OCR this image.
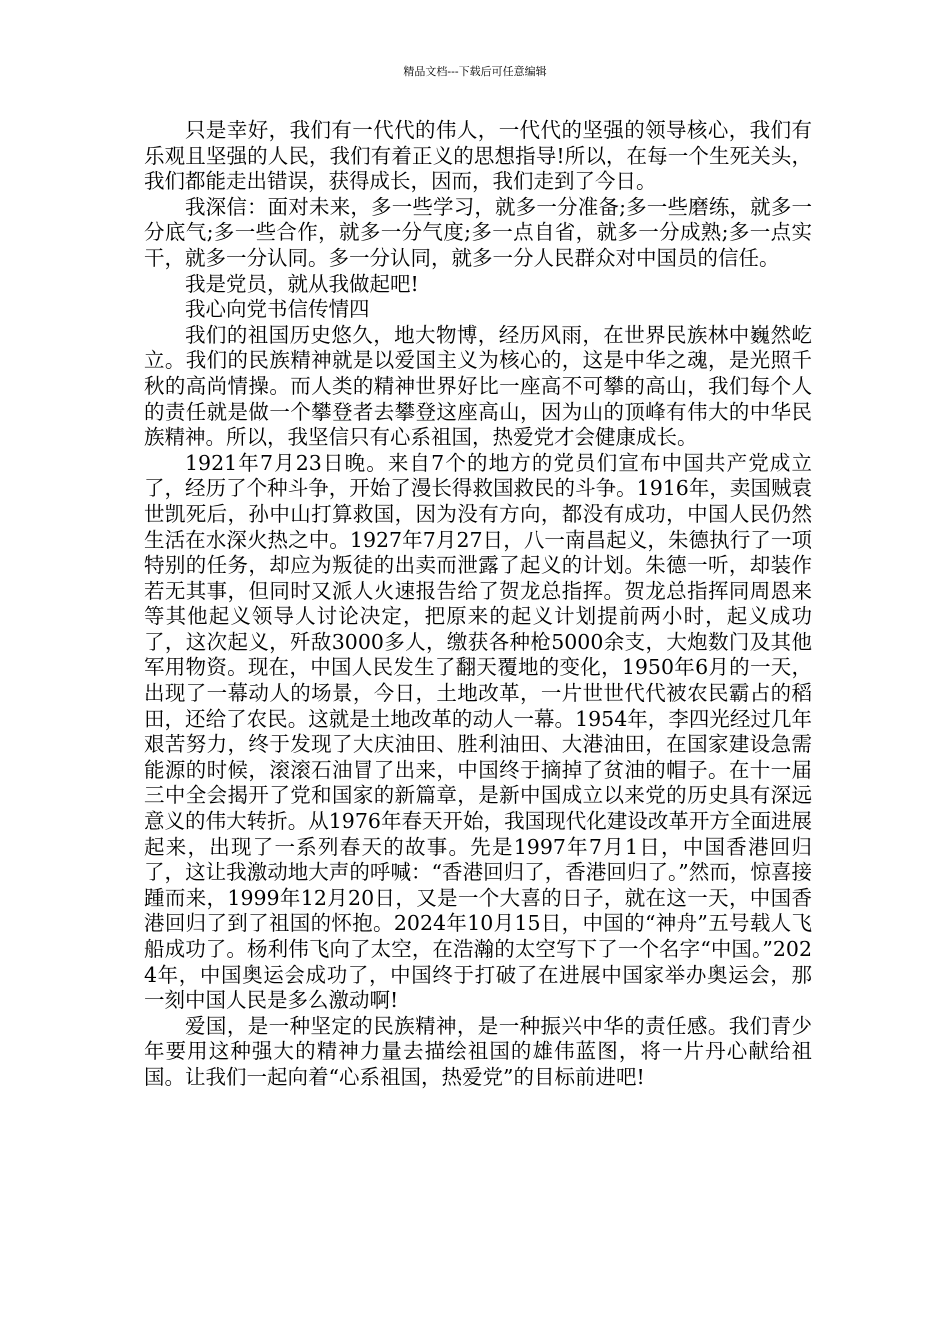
精品文档---下载后可任意编辑

只是幸好，我们有一代代的伟人，一代代的坚强的领导核心，我们有乐观且坚强的人民，我们有着正义的思想指导!所以，在每一个生死关头，我们都能走出错误，获得成长，因而，我们走到了今日。

我深信：面对未来，多一些学习，就多一分准备;多一些磨练，就多一分底气;多一些合作，就多一分气度;多一点自省，就多一分成熟;多一点实干，就多一分认同。多一分认同，就多一分人民群众对中国员的信任。

我是党员，就从我做起吧!

我心向党书信传情四

我们的祖国历史悠久，地大物博，经历风雨，在世界民族林中巍然屹立。我们的民族精神就是以爱国主义为核心的，这是中华之魂，是光照千秋的高尚情操。而人类的精神世界好比一座高不可攀的高山，我们每个人的责任就是做一个攀登者去攀登这座高山，因为山的顶峰有伟大的中华民族精神。所以，我坚信只有心系祖国，热爱党才会健康成长。

1921年7月23日晚。来自7个的地方的党员们宣布中国共产党成立了，经历了个种斗争，开始了漫长得救国救民的斗争。1916年，卖国贼袁世凯死后，孙中山打算救国，因为没有方向，都没有成功，中国人民仍然生活在水深火热之中。1927年7月27日，八一南昌起义，朱德执行了一项特别的任务，却应为叛徒的出卖而泄露了起义的计划。朱德一听，却装作若无其事，但同时又派人火速报告给了贺龙总指挥。贺龙总指挥同周恩来等其他起义领导人讨论决定，把原来的起义计划提前两小时，起义成功了，这次起义，歼敌3000多人，缴获各种枪5000余支，大炮数门及其他军用物资。现在，中国人民发生了翻天覆地的变化，1950年6月的一天，出现了一幕动人的场景，今日，土地改革，一片世世代代被农民霸占的稻田，还给了农民。这就是土地改革的动人一幕。1954年，李四光经过几年艰苦努力，终于发现了大庆油田、胜利油田、大港油田，在国家建设急需能源的时候，滚滚石油冒了出来，中国终于摘掉了贫油的帽子。在十一届三中全会揭开了党和国家的新篇章，是新中国成立以来党的历史具有深远意义的伟大转折。从1976年春天开始，我国现代化建设改革开方全面进展起来，出现了一系列春天的故事。先是1997年7月1日，中国香港回归了，这让我激动地大声的呼喊：“香港回归了，香港回归了。”然而，惊喜接踵而来，1999年12月20日，又是一个大喜的日子，就在这一天，中国香港回归了到了祖国的怀抱。2024年10月15日，中国的“神舟”五号载人飞船成功了。杨利伟飞向了太空，在浩瀚的太空写下了一个名字“中国。”2024年，中国奥运会成功了，中国终于打破了在进展中国家举办奥运会，那一刻中国人民是多么激动啊!

爱国，是一种坚定的民族精神，是一种振兴中华的责任感。我们青少年要用这种强大的精神力量去描绘祖国的雄伟蓝图，将一片丹心献给祖国。让我们一起向着“心系祖国，热爱党”的目标前进吧!
